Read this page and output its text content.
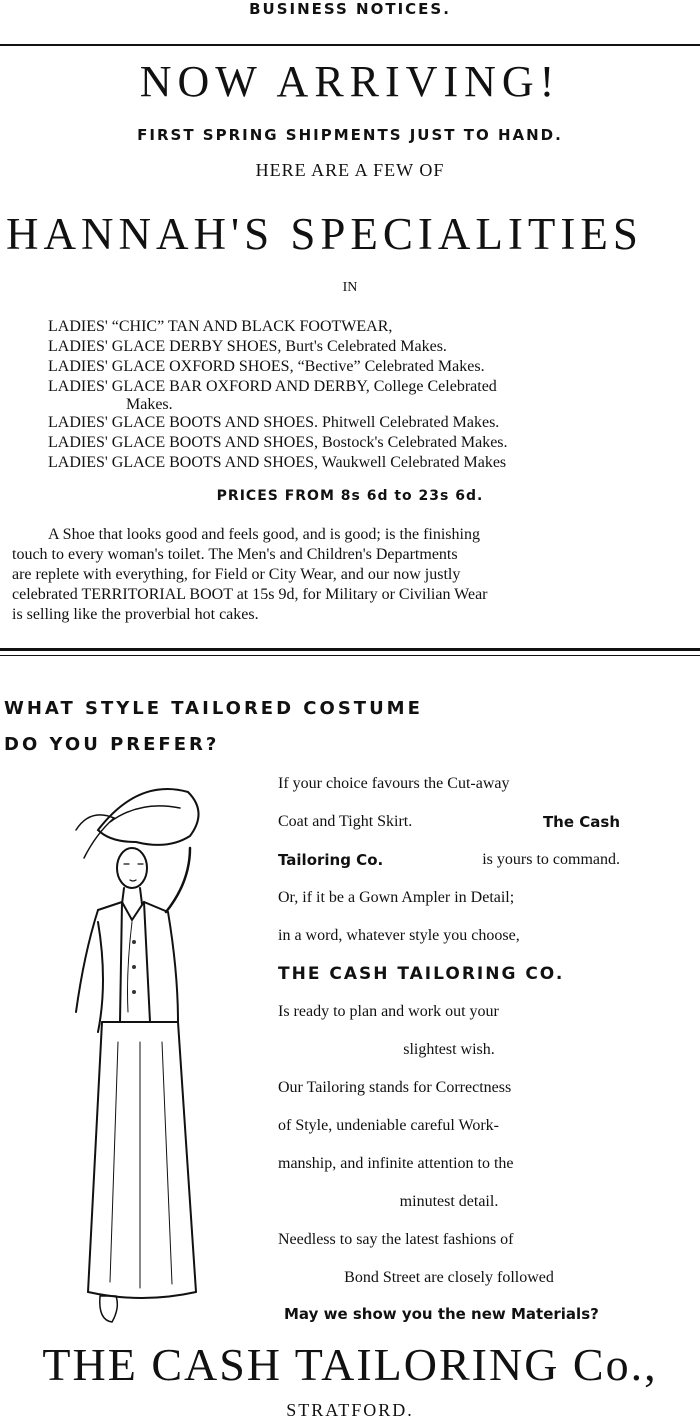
BUSINESS NOTICES.
NOW ARRIVING!
FIRST SPRING SHIPMENTS JUST TO HAND.
HERE ARE A FEW OF
HANNAH'S SPECIALITIES
IN
LADIES' “CHIC” TAN AND BLACK FOOTWEAR,
LADIES' GLACE DERBY SHOES, Burt's Celebrated Makes.
LADIES' GLACE OXFORD SHOES, “Bective” Celebrated Makes.
LADIES' GLACE BAR OXFORD AND DERBY, College Celebrated
Makes.
LADIES' GLACE BOOTS AND SHOES. Phitwell Celebrated Makes.
LADIES' GLACE BOOTS AND SHOES, Bostock's Celebrated Makes.
LADIES' GLACE BOOTS AND SHOES, Waukwell Celebrated Makes
PRICES FROM 8s 6d to 23s 6d.
A Shoe that looks good and feels good, and is good; is the finishing
touch to every woman's toilet. The Men's and Children's Departments
are replete with everything, for Field or City Wear, and our now justly
celebrated TERRITORIAL BOOT at 15s 9d, for Military or Civilian Wear
is selling like the proverbial hot cakes.
WHAT STYLE TAILORED COSTUME
DO YOU PREFER?
If your choice favours the Cut-away
Coat and Tight Skirt.	The Cash
Tailoring Co.	is yours to command.
Or, if it be a Gown Ampler in Detail;
in a word, whatever style you choose,
THE CASH TAILORING CO.
Is ready to plan and work out your
slightest wish.
Our Tailoring stands for Correctness
of Style, undeniable careful Work-
manship, and infinite attention to the
minutest detail.
Needless to say the latest fashions of
Bond Street are closely followed
May we show you the new Materials?
THE CASH TAILORING Co.,
STRATFORD.
